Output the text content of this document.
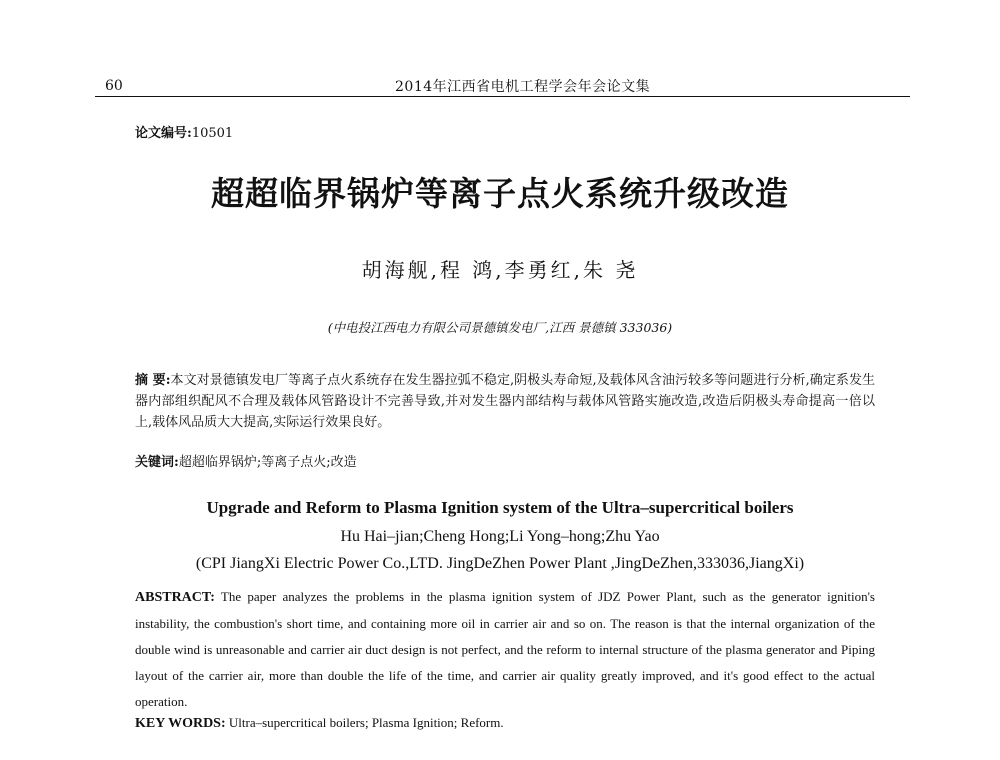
60	2014年江西省电机工程学会年会论文集
论文编号:10501
超超临界锅炉等离子点火系统升级改造
胡海舰,程 鸿,李勇红,朱 尧
(中电投江西电力有限公司景德镇发电厂,江西 景德镇 333036)
摘 要:本文对景德镇发电厂等离子点火系统存在发生器拉弧不稳定,阴极头寿命短,及载体风含油污较多等问题进行分析,确定系发生器内部组织配风不合理及载体风管路设计不完善导致,并对发生器内部结构与载体风管路实施改造,改造后阴极头寿命提高一倍以上,载体风品质大大提高,实际运行效果良好。
关键词:超超临界锅炉;等离子点火;改造
Upgrade and Reform to Plasma Ignition system of the Ultra–supercritical boilers
Hu Hai–jian;Cheng Hong;Li Yong–hong;Zhu Yao
(CPI JiangXi Electric Power Co.,LTD. JingDeZhen Power Plant ,JingDeZhen,333036,JiangXi)
ABSTRACT: The paper analyzes the problems in the plasma ignition system of JDZ Power Plant, such as the generator ignition's instability, the combustion's short time, and containing more oil in carrier air and so on. The reason is that the internal organization of the double wind is unreasonable and carrier air duct design is not perfect, and the reform to internal structure of the plasma generator and Piping layout of the carrier air, more than double the life of the time, and carrier air quality greatly improved, and it's good effect to the actual operation.
KEY WORDS: Ultra–supercritical boilers; Plasma Ignition; Reform.
